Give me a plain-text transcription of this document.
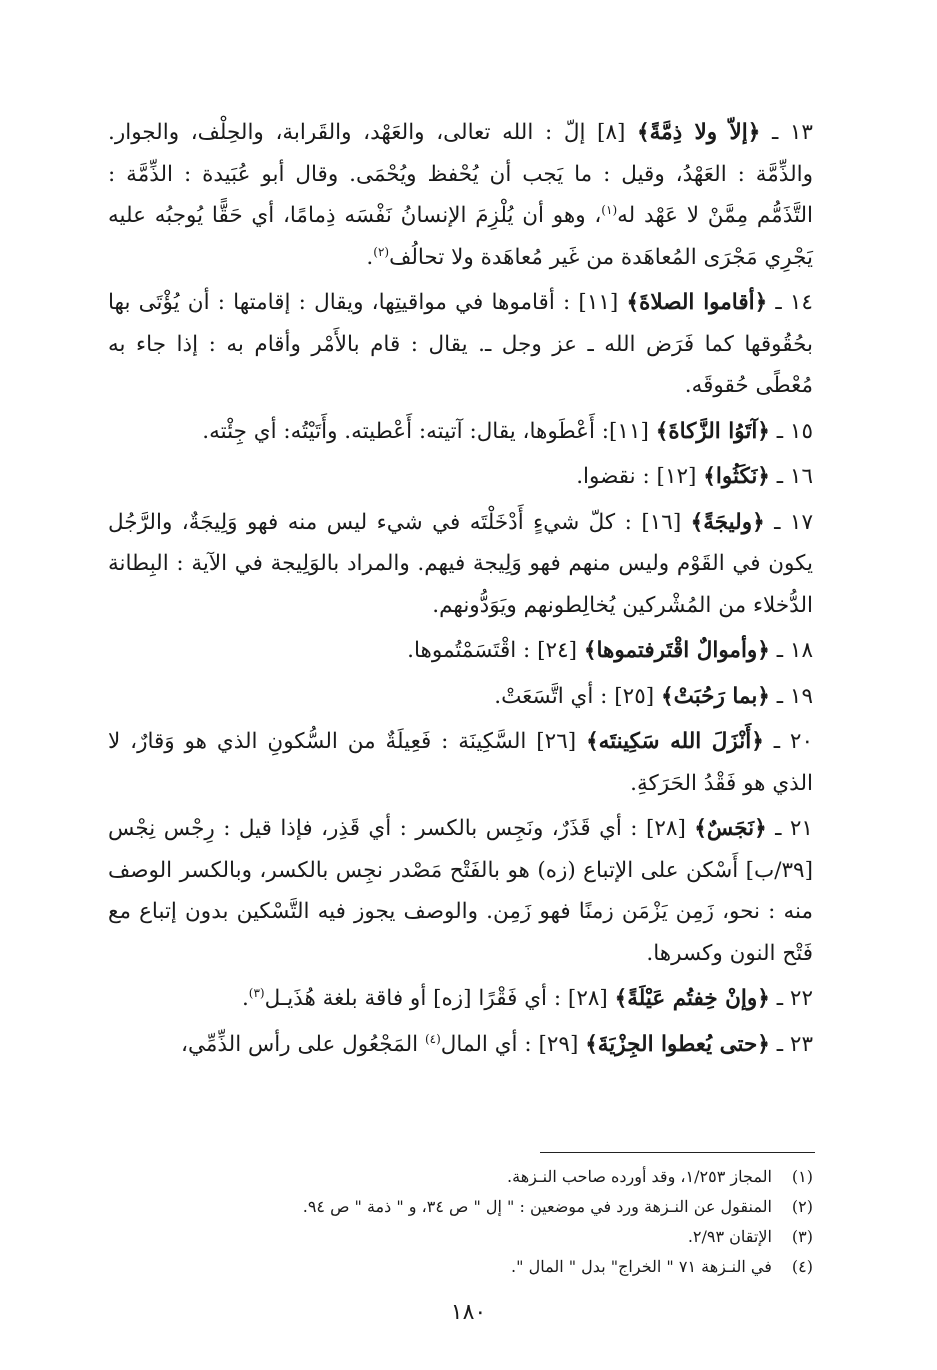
١٣ ـ ﴿إلاّ ولا ذِمَّةً﴾ [٨] إلّ : الله تعالى، والعَهْد، والقَرابة، والحِلْف، والجوار. والذِّمَّة : العَهْدُ، وقيل : ما يَجب أن يُحْفظ ويُحْمَى. وقال أبو عُبَيدة : الذِّمَّة : التَّذَمُّم مِمَّنْ لا عَهْد له$^{(١)}$، وهو أن يُلْزِمَ الإنسانُ نَفْسَه ذِمامًا، أي حَقًّا يُوجبُه عليه يَجْرِي مَجْرَى المُعاهَدة من غَير مُعاهَدة ولا تحالُف$^{(٢)}$.

١٤ ـ ﴿أقاموا الصلاةَ﴾ [١١] : أقاموها في مواقيتِها، ويقال : إقامتها : أن يُؤْتَى بها بحُقُوقها كما فَرَض الله ـ عز وجل ـ. يقال : قام بالأَمْر وأقام به : إذا جاء به مُعْطًى حُقوقَه.

١٥ ـ ﴿آتَوُا الزَّكاةَ﴾ [١١]: أَعْطَوها، يقال: آتيته: أَعْطيته. وأَتَيْتُه: أي جِئْته.

١٦ ـ ﴿نَكَثُوا﴾ [١٢] : نقضوا.

١٧ ـ ﴿وليجَةً﴾ [١٦] : كلّ شيءٍ أَدْخَلْتَه في شيء ليس منه فهو وَلِيجَةٌ، والرَّجُل يكون في القَوْم وليس منهم فهو وَلِيجة فيهم. والمراد بالوَلِيجة في الآية : البِطانة الدُّخلاء من المُشْركين يُخالِطونهم ويَوَدُّونهم.

١٨ ـ ﴿وأموالٌ اقْتَرفتموها﴾ [٢٤] : اقْتَسَمْتُموها.

١٩ ـ ﴿بما رَحُبَتْ﴾ [٢٥] : أي اتَّسَعَتْ.

٢٠ ـ ﴿أَنْزَلَ الله سَكِينتَه﴾ [٢٦] السَّكِينَة : فَعِيلَةٌ من السُّكونِ الذي هو وَقارٌ، لا الذي هو فَقْدُ الحَرَكةِ.

٢١ ـ ﴿نَجَسٌ﴾ [٢٨] : أي قَذَرٌ، ونَجِس بالكسر : أي قَذِر، فإذا قيل : رِجْس نِجْس [٣٩/ب] أَسْكن على الإتباع (زه) هو بالفَتْح مَصْدر نجِس بالكسر، وبالكسر الوصف منه : نحو، زَمِن يَزْمَن زمنًا فهو زَمِن. والوصف يجوز فيه التَّسْكين بدون إتباع مع فَتْح النون وكسرها.

٢٢ ـ ﴿وإنْ خِفتُم عَيْلَةً﴾ [٢٨] : أي فَقْرًا [زه] أو فاقة بلغة هُذَيـل$^{(٣)}$.

٢٣ ـ ﴿حتى يُعطوا الجِزْيَةَ﴾ [٢٩] : أي المال$^{(٤)}$ المَجْعُول على رأس الذِّمِّي،

(١) المجاز ١/٢٥٣، وقد أورده صاحب النـزهة.
(٢) المنقول عن النـزهة ورد في موضعين : " إل " ص ٣٤، و " ذمة " ص ٩٤.
(٣) الإتقان ٢/٩٣.
(٤) في النـزهة ٧١ " الخراج" بدل " المال ".
١٨٠
